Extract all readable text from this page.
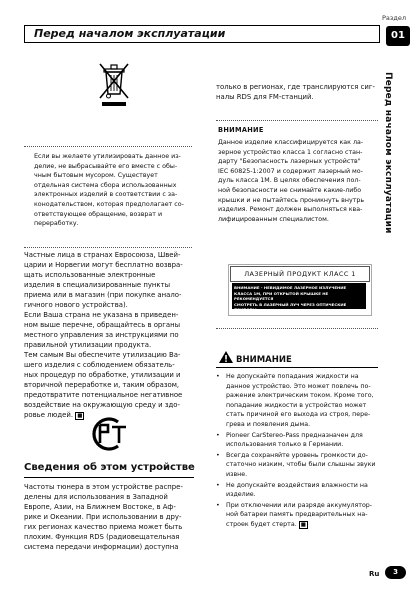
Раздел
Перед началом эксплуатации	01
Перед началом эксплуатации
Если вы желаете утилизировать данное из-
делие, не выбрасывайте его вместе с обы-
чным бытовым мусором. Существует
отдельная система сбора использованных
электронных изделий в соответствии с за-
конодательством, которая предполагает со-
ответствующее обращение, возврат и
переработку.
Частные лица в странах Евросоюза, Швей-
царии и Норвегии могут бесплатно возвра-
щать использованные электронные
изделия в специализированные пункты
приема или в магазин (при покупке анало-
гичного нового устройства).
Если Ваша страна не указана в приведен-
ном выше перечне, обращайтесь в органы
местного управления за инструкциями по
правильной утилизации продукта.
Тем самым Вы обеспечите утилизацию Ва-
шего изделия с соблюдением обязатель-
ных процедур по обработке, утилизации и
вторичной переработке и, таким образом,
предотвратите потенциальное негативное
воздействие на окружающую среду и здо-
ровье людей. ■
Сведения об этом устройстве
Частоты тюнера в этом устройстве распре-
делены для использования в Западной
Европе, Азии, на Ближнем Востоке, в Аф-
рике и Океании. При использовании в дру-
гих регионах качество приема может быть
плохим. Функция RDS (радиовещательная
система передачи информации) доступна
только в регионах, где транслируются сиг-
налы RDS для FM-станций.
ВНИМАНИЕ
Данное изделие классифицируется как ла-
зерное устройство класса 1 согласно стан-
дарту "Безопасность лазерных устройств"
IEC 60825-1:2007 и содержит лазерный мо-
дуль класса 1M. В целях обеспечения пол-
ной безопасности не снимайте какие-либо
крышки и не пытайтесь проникнуть внутрь
изделия. Ремонт должен выполняться ква-
лифицированным специалистом.
ЛАЗЕРНЫЙ ПРОДУКТ КЛАСС 1
ВНИМАНИЕ - НЕВИДИМОЕ ЛАЗЕРНОЕ ИЗЛУЧЕНИЕ
КЛАССА 1М, ПРИ ОТКРЫТОЙ КРЫШКЕ НЕ РЕКОМЕНДУЕТСЯ
СМОТРЕТЬ В ЛАЗЕРНЫЙ ЛУЧ ЧЕРЕЗ ОПТИЧЕСКИЕ
ПРИБОРЫ.
ВНИМАНИЕ
• Не допускайте попадания жидкости на данное устройство. Это может повлечь по-ражение электрическим током. Кроме того, попадание жидкости в устройство может стать причиной его выхода из строя, пере-грева и появления дыма.
• Pioneer CarStereo-Pass предназначен для использования только в Германии.
• Всегда сохраняйте уровень громкости до-статочно низким, чтобы были слышны звуки извне.
• Не допускайте воздействия влажности на изделие.
• При отключении или разряде аккумулятор-ной батареи память предварительных на-строек будет стерта. ■
Ru	3
